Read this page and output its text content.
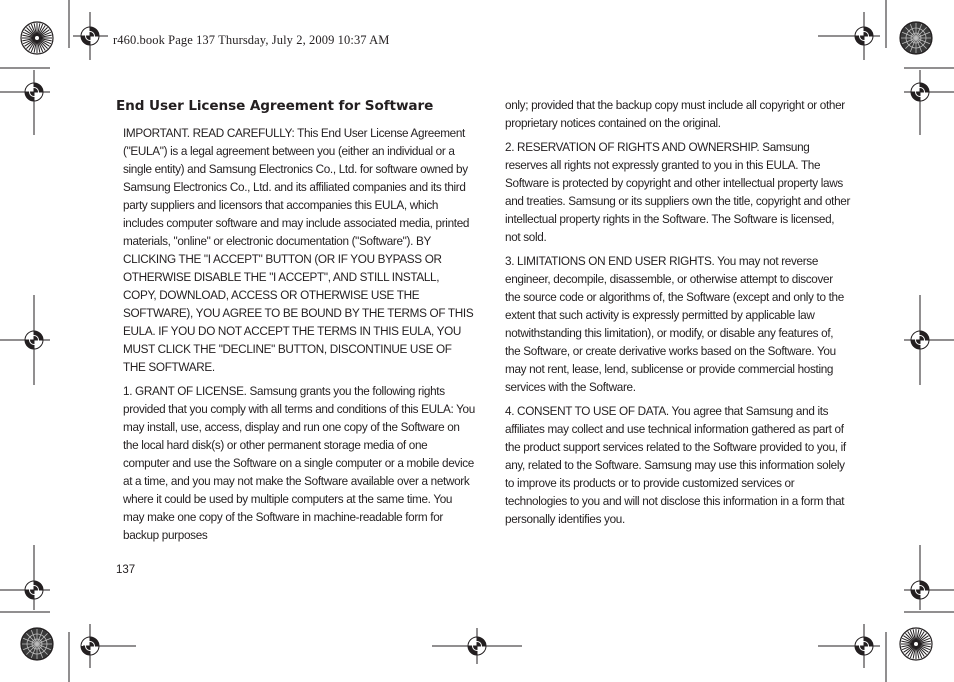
r460.book Page 137 Thursday, July 2, 2009 10:37 AM
End User License Agreement for Software

IMPORTANT. READ CAREFULLY: This End User License Agreement ("EULA") is a legal agreement between you (either an individual or a single entity) and Samsung Electronics Co., Ltd. for software owned by Samsung Electronics Co., Ltd. and its affiliated companies and its third party suppliers and licensors that accompanies this EULA, which includes computer software and may include associated media, printed materials, "online" or electronic documentation ("Software"). BY CLICKING THE "I ACCEPT" BUTTON (OR IF YOU BYPASS OR OTHERWISE DISABLE THE "I ACCEPT", AND STILL INSTALL, COPY, DOWNLOAD, ACCESS OR OTHERWISE USE THE SOFTWARE), YOU AGREE TO BE BOUND BY THE TERMS OF THIS EULA. IF YOU DO NOT ACCEPT THE TERMS IN THIS EULA, YOU MUST CLICK THE "DECLINE" BUTTON, DISCONTINUE USE OF THE SOFTWARE.

1. GRANT OF LICENSE. Samsung grants you the following rights provided that you comply with all terms and conditions of this EULA: You may install, use, access, display and run one copy of the Software on the local hard disk(s) or other permanent storage media of one computer and use the Software on a single computer or a mobile device at a time, and you may not make the Software available over a network where it could be used by multiple computers at the same time. You may make one copy of the Software in machine-readable form for backup purposes

only; provided that the backup copy must include all copyright or other proprietary notices contained on the original.

2. RESERVATION OF RIGHTS AND OWNERSHIP. Samsung reserves all rights not expressly granted to you in this EULA. The Software is protected by copyright and other intellectual property laws and treaties. Samsung or its suppliers own the title, copyright and other intellectual property rights in the Software. The Software is licensed, not sold.

3. LIMITATIONS ON END USER RIGHTS. You may not reverse engineer, decompile, disassemble, or otherwise attempt to discover the source code or algorithms of, the Software (except and only to the extent that such activity is expressly permitted by applicable law notwithstanding this limitation), or modify, or disable any features of, the Software, or create derivative works based on the Software. You may not rent, lease, lend, sublicense or provide commercial hosting services with the Software.

4. CONSENT TO USE OF DATA. You agree that Samsung and its affiliates may collect and use technical information gathered as part of the product support services related to the Software provided to you, if any, related to the Software. Samsung may use this information solely to improve its products or to provide customized services or technologies to you and will not disclose this information in a form that personally identifies you.

137
